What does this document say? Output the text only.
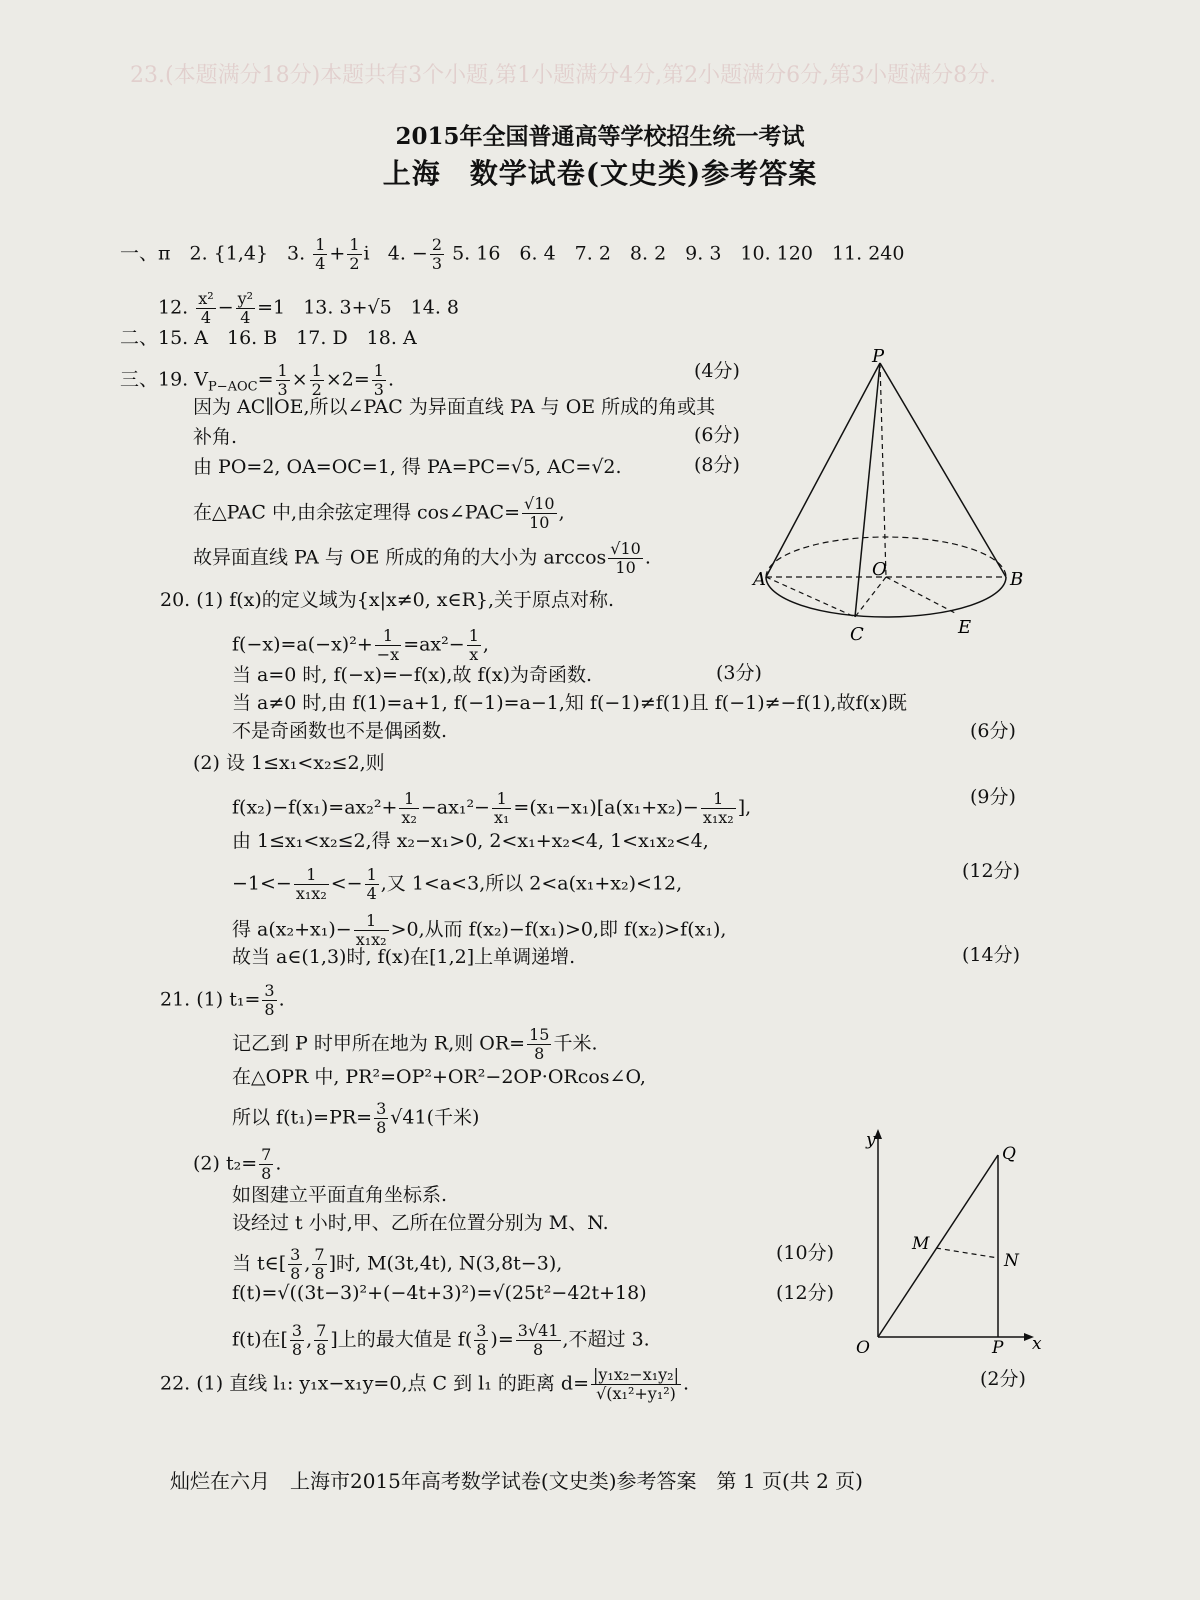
23.(本题满分18分)本题共有3个小题,第1小题满分4分,第2小题满分6分,第3小题满分8分.
2015年全国普通高等学校招生统一考试
上海　数学试卷(文史类)参考答案
一、π　2. {1,4}　3. $\frac{1}{4} + \frac{1}{2}$ i   4. − $\frac{2}{3} 5$. 16　6. 4　7. 2　8. 2　9. 3　10. 120　11. 240
12. $\frac{\text{x²}}{4} - \frac{\text{y²}}{4} =1$   13. 3+√5　14. 8
二、15. A　16. B　17. D　18. A
三、19. $V_{P-AOC}= \frac{1}{3} \times \frac{1}{2} \times 2= \frac{1}{3}$ .	(4分)
因为 AC∥OE,所以∠PAC 为异面直线 PA 与 OE 所成的角或其
补角.	(6分)
由 PO=2, OA=OC=1, 得 PA=PC=√5, AC=√2.	(8分)
在△PAC 中,由余弦定理得 cos∠PAC= $\frac{√10}{10}$ ,
故异面直线 PA 与 OE 所成的角的大小为 $\arccos \frac{√10}{10}$ .
P
A	B
O
C	E
20. (1) f(x)的定义域为{x|x≠0, x∈R},关于原点对称.
$f(-x)=a(-x)^2+ \frac{1}{-x} =ax^2- \frac{1}{x}$ ,
当 a=0 时, f(−x)=−f(x),故 f(x)为奇函数.	(3分)
当 a≠0 时,由 f(1)=a+1, f(−1)=a−1,知 f(−1)≠f(1)且 f(−1)≠−f(1),故f(x)既
不是奇函数也不是偶函数.	(6分)
(2) 设 1≤x₁<x₂≤2,则
$f(x_2)-f(x_1)=ax_2^2+ \frac{1}{\text{x₂}} -ax_1^2- \frac{1}{\text{x₁}} =(x_1-x_1)[a(x_1+x_2)- \frac{1}{\text{x₁x₂}}$ ],	(9分)
由 1≤x₁<x₂≤2,得 x₂−x₁>0, 2<x₁+x₂<4, 1<x₁x₂<4,
$-1<- \frac{1}{\text{x₁x₂}} <- \frac{1}{4}$ ,又 1<a<3,所以 2<a(x₁+x₂)<12,
(12分)
得 $a(x_2+x_1)- \frac{1}{\text{x₁x₂}} >0$,从而 f(x₂)−f(x₁)>0,即 f(x₂)>f(x₁),
故当 a∈(1,3)时, f(x)在[1,2]上单调递增.	(14分)
21. (1) $t_1= \frac{3}{8}$ .
记乙到 P 时甲所在地为 R,则 $OR= \frac{15}{8}$ 千米.
在△OPR 中, PR²=OP²+OR²−2OP·ORcos∠O,
所以 $f(t_1)=PR= \frac{3}{8} √41$(千米)
(2) $t_2= \frac{7}{8}$ .
如图建立平面直角坐标系.
设经过 t 小时,甲、乙所在位置分别为 M、N.
当 t∈[ $\frac{3}{8}$ , $\frac{7}{8}$ ]时, M(3t,4t), N(3,8t−3),	(10分)
f(t)=√((3t−3)²+(−4t+3)²)=√(25t²−42t+18)	(12分)
f(t)在[ $\frac{3}{8}$ , $\frac{7}{8}$ ]上的最大值是 $f( \frac{3}{8}$ )= $\frac{3√41}{8}$ ,不超过 3.
y
x
Q
M
N
O	P
22. (1) 直线 l₁: y₁x−x₁y=0,点 C 到 l₁ 的距离 $d= \frac{\text{|y₁x₂−x₁y₂|}}{\text{√(x₁²+y₁²)}}$ .	(2分)
灿烂在六月　上海市2015年高考数学试卷(文史类)参考答案　第 1 页(共 2 页)
